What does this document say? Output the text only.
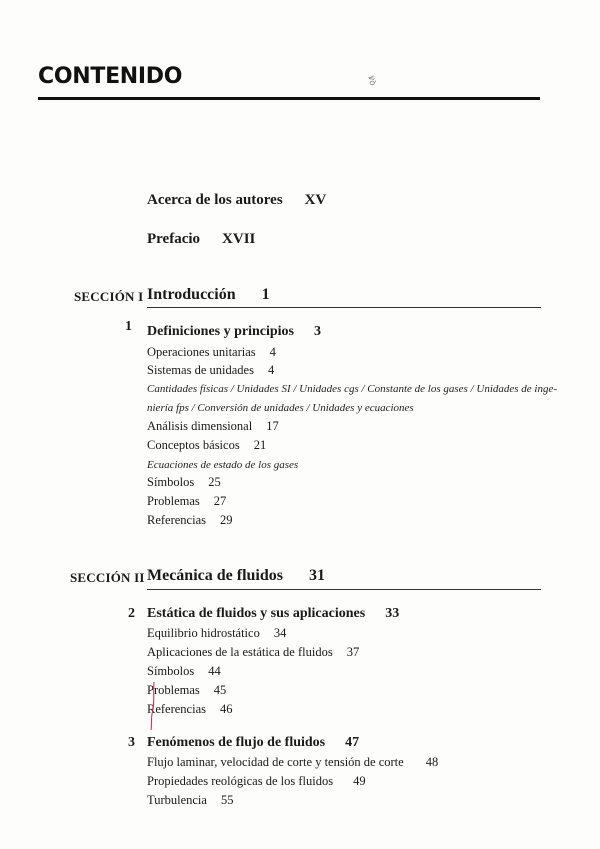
CONTENIDO	ꝟꝺ
Acerca de los autores XV
Prefacio XVII
SECCIÓN I Introducción 1
1 Definiciones y principios 3
Operaciones unitarias 4
Sistemas de unidades 4
Cantidades físicas / Unidades SI / Unidades cgs / Constante de los gases / Unidades de inge-
niería fps / Conversión de unidades / Unidades y ecuaciones
Análisis dimensional 17
Conceptos básicos 21
Ecuaciones de estado de los gases
Símbolos 25
Problemas 27
Referencias 29
SECCIÓN II Mecánica de fluidos 31
2 Estática de fluidos y sus aplicaciones 33
Equilibrio hidrostático 34
Aplicaciones de la estática de fluidos 37
Símbolos 44
Problemas 45
Referencias 46
3 Fenómenos de flujo de fluidos 47
Flujo laminar, velocidad de corte y tensión de corte 48
Propiedades reológicas de los fluidos 49
Turbulencia 55
